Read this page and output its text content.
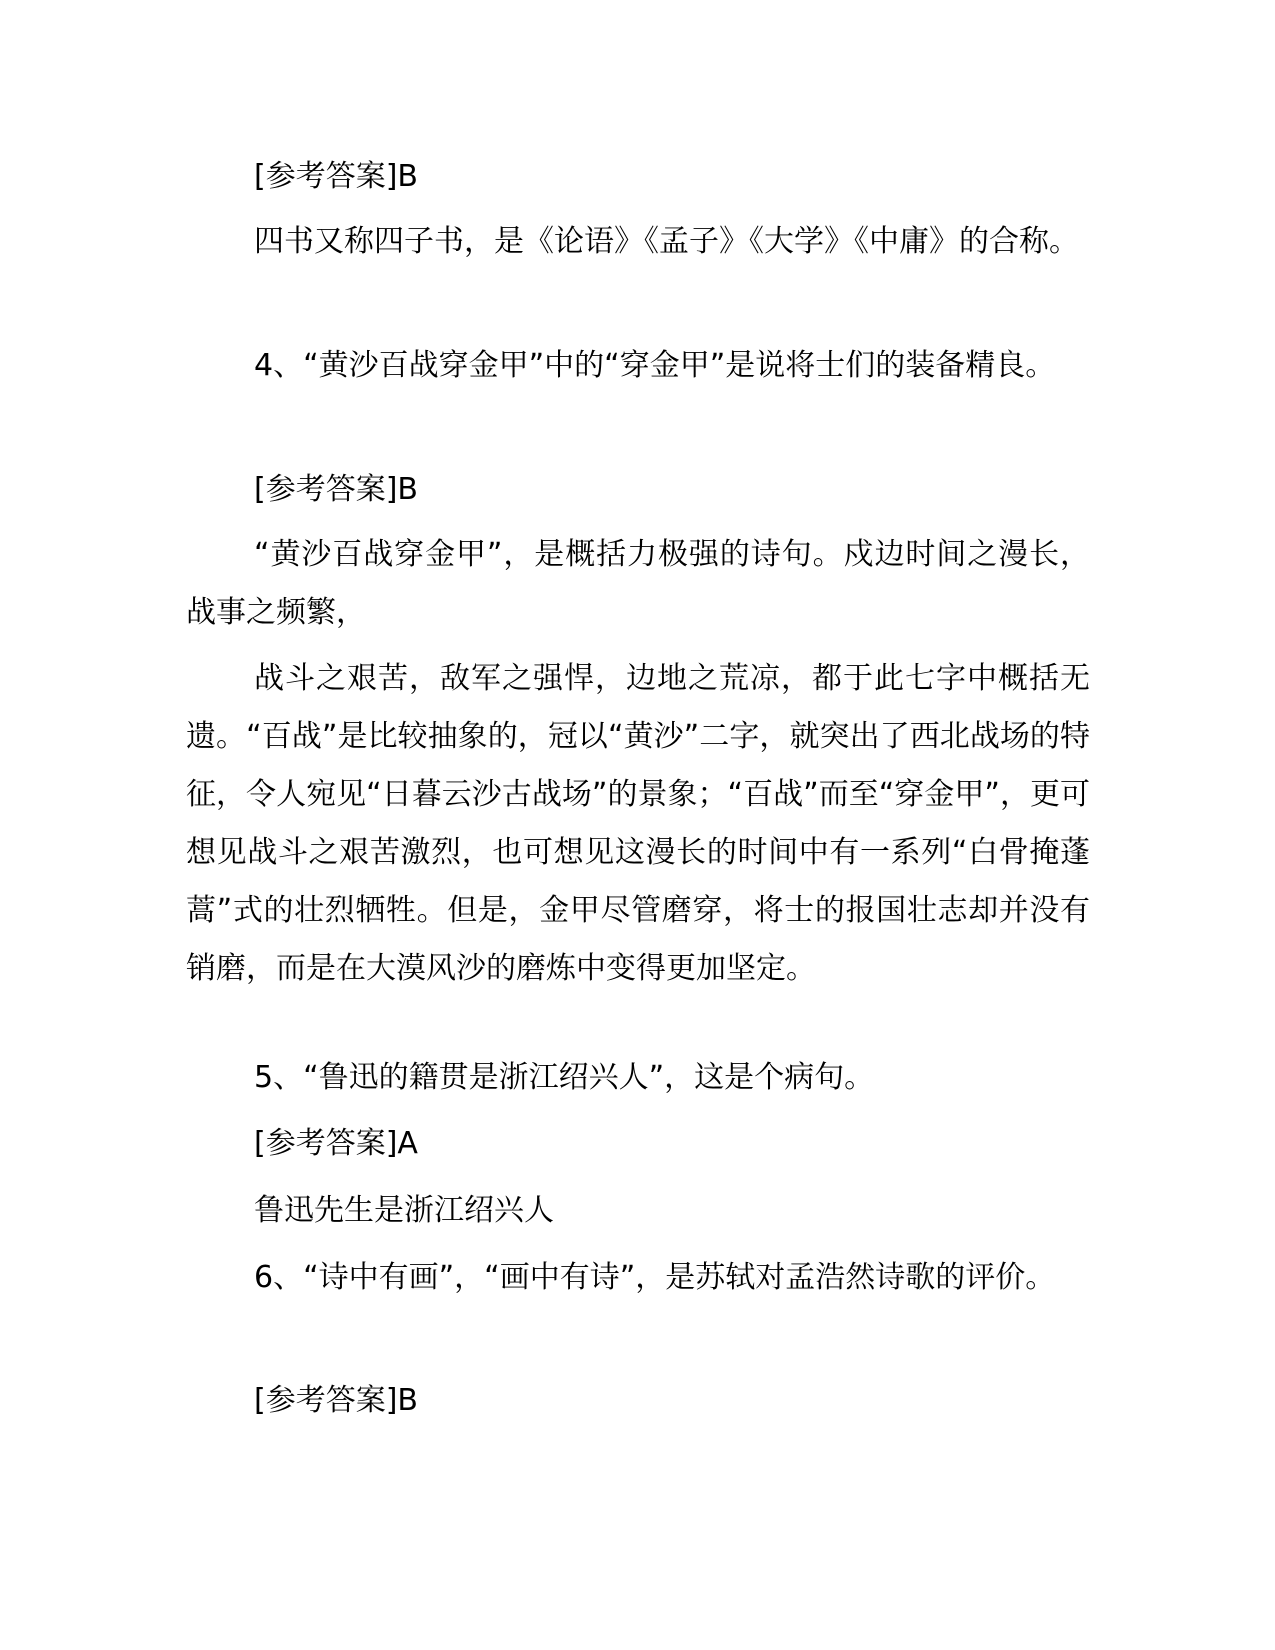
[参考答案]B

四书又称四子书，是《论语》《孟子》《大学》《中庸》的合称。

4、“黄沙百战穿金甲”中的“穿金甲”是说将士们的装备精良。

[参考答案]B

“黄沙百战穿金甲”，是概括力极强的诗句。戍边时间之漫长，战事之频繁，

战斗之艰苦，敌军之强悍，边地之荒凉，都于此七字中概括无遗。“百战”是比较抽象的，冠以“黄沙”二字，就突出了西北战场的特征，令人宛见“日暮云沙古战场”的景象；“百战”而至“穿金甲”，更可想见战斗之艰苦激烈，也可想见这漫长的时间中有一系列“白骨掩蓬蒿”式的壮烈牺牲。但是，金甲尽管磨穿，将士的报国壮志却并没有销磨，而是在大漠风沙的磨炼中变得更加坚定。

5、“鲁迅的籍贯是浙江绍兴人”，这是个病句。

[参考答案]A

鲁迅先生是浙江绍兴人

6、“诗中有画”，“画中有诗”，是苏轼对孟浩然诗歌的评价。

[参考答案]B
